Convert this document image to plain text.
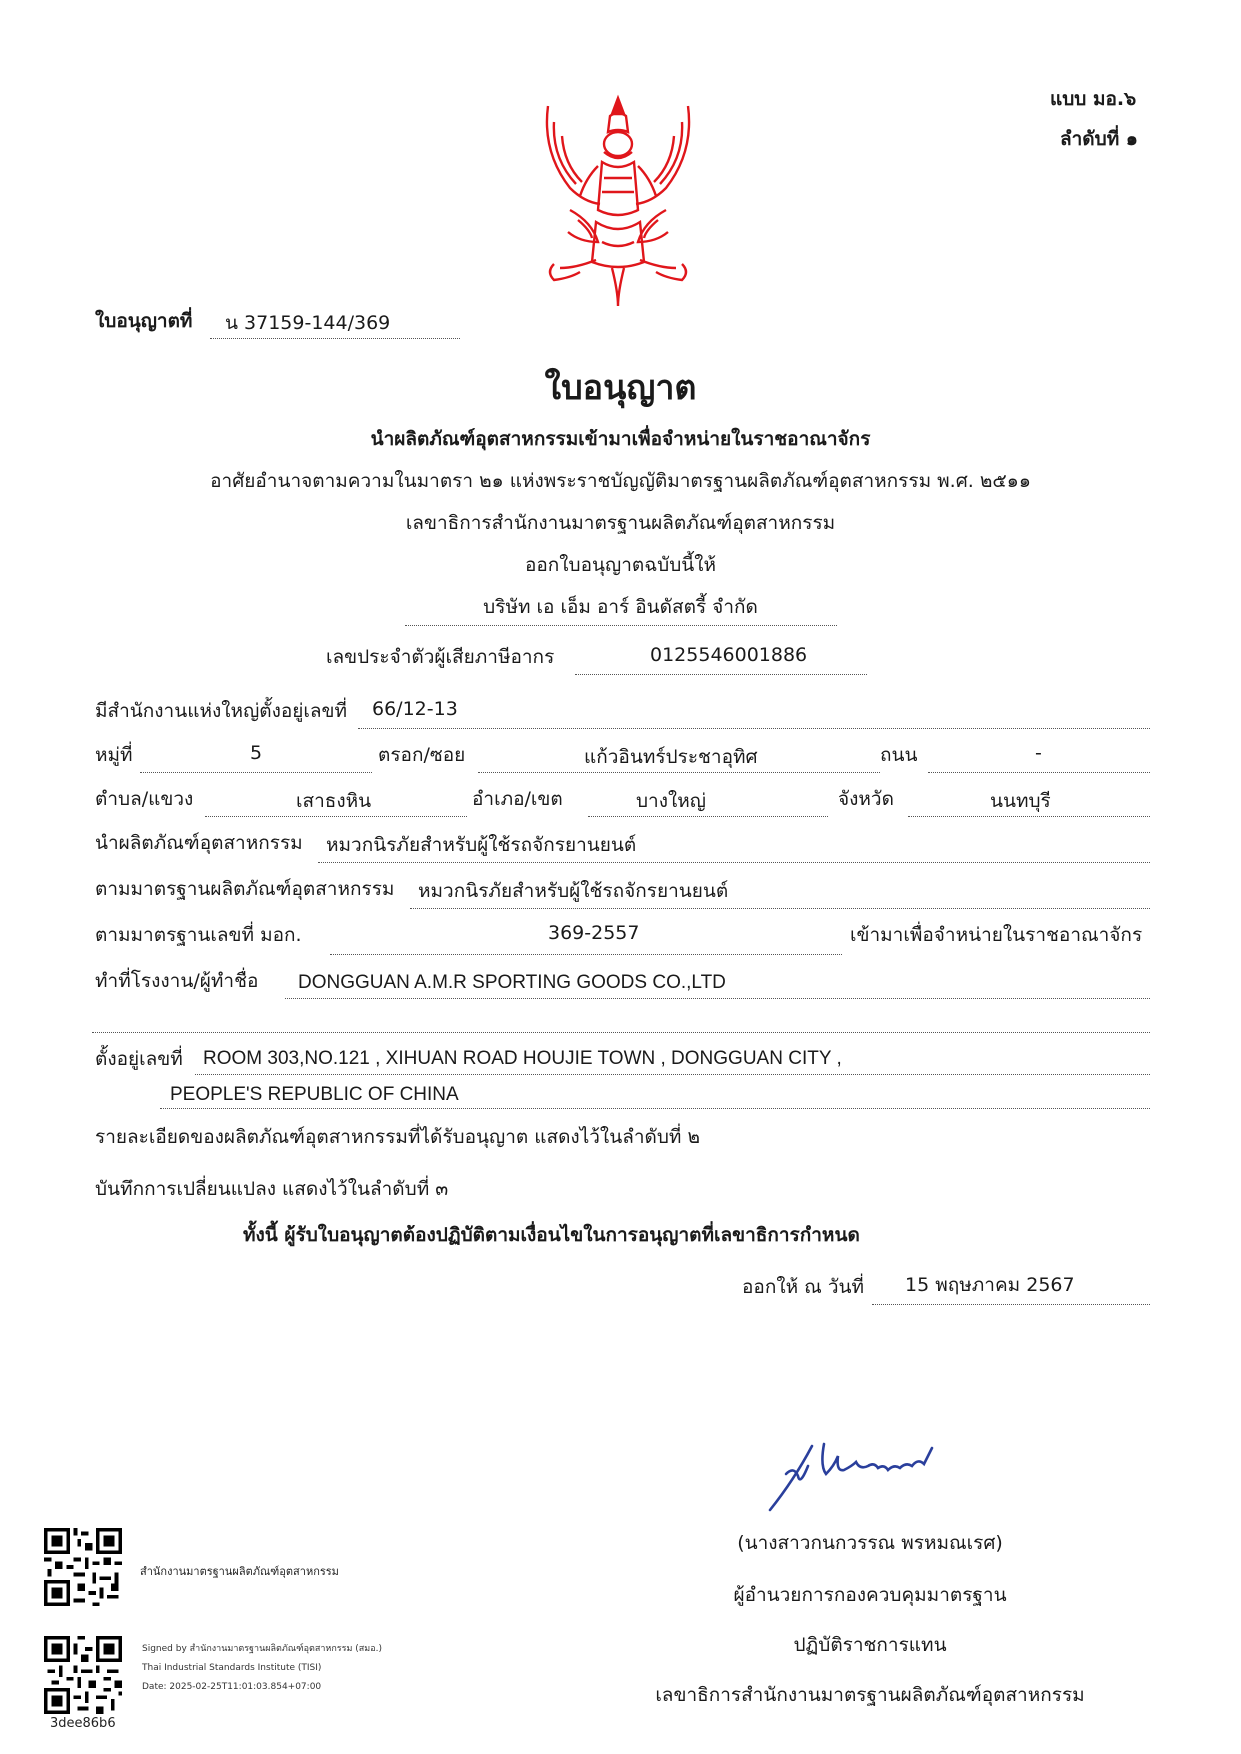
แบบ มอ.๖
ลำดับที่ ๑
ใบอนุญาตที่ น 37159-144/369
ใบอนุญาต
นำผลิตภัณฑ์อุตสาหกรรมเข้ามาเพื่อจำหน่ายในราชอาณาจักร
อาศัยอำนาจตามความในมาตรา ๒๑ แห่งพระราชบัญญัติมาตรฐานผลิตภัณฑ์อุตสาหกรรม พ.ศ. ๒๕๑๑
เลขาธิการสำนักงานมาตรฐานผลิตภัณฑ์อุตสาหกรรม
ออกใบอนุญาตฉบับนี้ให้
บริษัท เอ เอ็ม อาร์ อินดัสตรี้ จำกัด
เลขประจำตัวผู้เสียภาษีอากร	0125546001886
มีสำนักงานแห่งใหญ่ตั้งอยู่เลขที่ 66/12-13
หมู่ที่	5	ตรอก/ซอย	แก้วอินทร์ประชาอุทิศ	ถนน	-
ตำบล/แขวง	เสาธงหิน	อำเภอ/เขต	บางใหญ่	จังหวัด	นนทบุรี
นำผลิตภัณฑ์อุตสาหกรรม หมวกนิรภัยสำหรับผู้ใช้รถจักรยานยนต์
ตามมาตรฐานผลิตภัณฑ์อุตสาหกรรม หมวกนิรภัยสำหรับผู้ใช้รถจักรยานยนต์
ตามมาตรฐานเลขที่ มอก.	369-2557	เข้ามาเพื่อจำหน่ายในราชอาณาจักร
ทำที่โรงงาน/ผู้ทำชื่อ DONGGUAN A.M.R SPORTING GOODS CO.,LTD
ตั้งอยู่เลขที่ ROOM 303,NO.121 , XIHUAN ROAD HOUJIE TOWN , DONGGUAN CITY ,
PEOPLE'S REPUBLIC OF CHINA
รายละเอียดของผลิตภัณฑ์อุตสาหกรรมที่ได้รับอนุญาต แสดงไว้ในลำดับที่ ๒
บันทึกการเปลี่ยนแปลง แสดงไว้ในลำดับที่ ๓
ทั้งนี้ ผู้รับใบอนุญาตต้องปฏิบัติตามเงื่อนไขในการอนุญาตที่เลขาธิการกำหนด
ออกให้ ณ วันที่ 15 พฤษภาคม 2567
(นางสาวกนกวรรณ พรหมณเรศ)
ผู้อำนวยการกองควบคุมมาตรฐาน
ปฏิบัติราชการแทน
เลขาธิการสำนักงานมาตรฐานผลิตภัณฑ์อุตสาหกรรม
สำนักงานมาตรฐานผลิตภัณฑ์อุตสาหกรรม
Signed by สำนักงานมาตรฐานผลิตภัณฑ์อุตสาหกรรม (สมอ.)
Thai Industrial Standards Institute (TISI)
Date: 2025-02-25T11:01:03.854+07:00
3dee86b6
